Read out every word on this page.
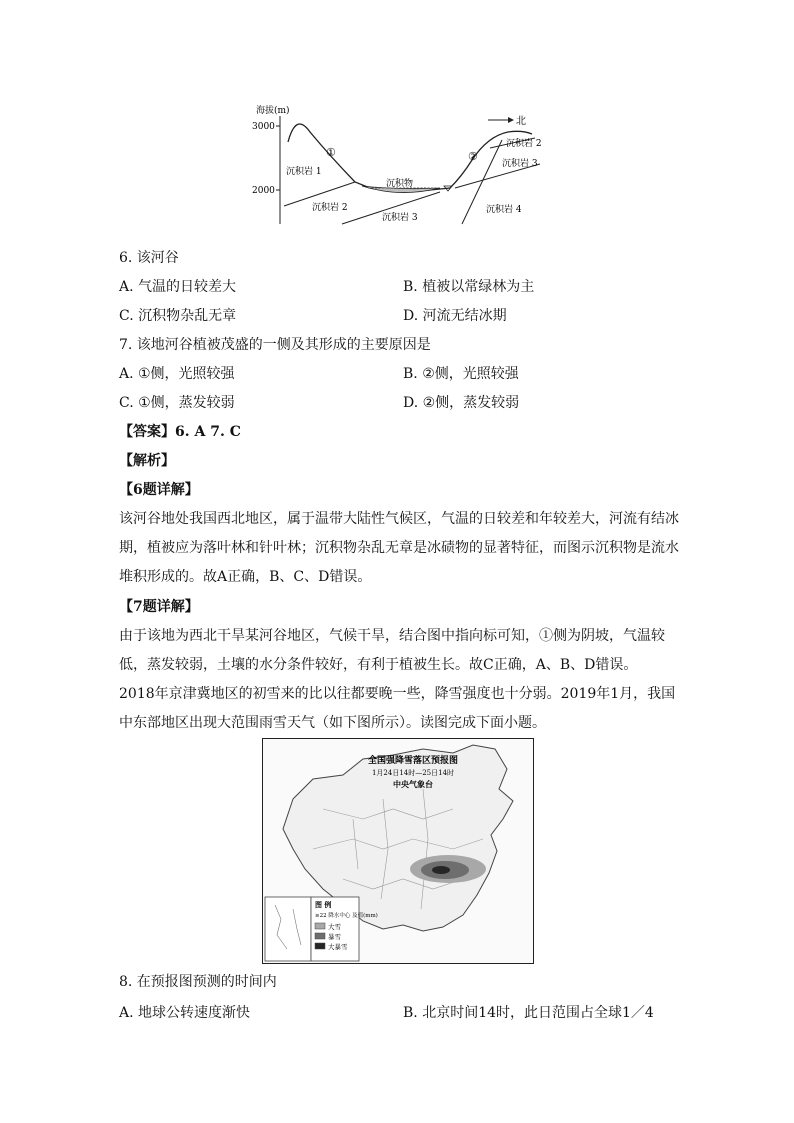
海拔(m)
3000
2000
北
①	②
沉积岩 1
沉积岩 2
沉积岩 3
沉积物
沉积岩 2
沉积岩 3
沉积岩 4
6. 该河谷
A. 气温的日较差大	B. 植被以常绿林为主
C. 沉积物杂乱无章	D. 河流无结冰期
7. 该地河谷植被茂盛的一侧及其形成的主要原因是
A. ①侧，光照较强	B. ②侧，光照较强
C. ①侧，蒸发较弱	D. ②侧，蒸发较弱
【答案】6. A 7. C
【解析】
【6题详解】
该河谷地处我国西北地区，属于温带大陆性气候区，气温的日较差和年较差大，河流有结冰期，植被应为落叶林和针叶林；沉积物杂乱无章是冰碛物的显著特征，而图示沉积物是流水堆积形成的。故A正确，B、C、D错误。
【7题详解】
由于该地为西北干旱某河谷地区，气候干旱，结合图中指向标可知，①侧为阴坡，气温较低，蒸发较弱，土壤的水分条件较好，有利于植被生长。故C正确，A、B、D错误。
2018年京津冀地区的初雪来的比以往都要晚一些，降雪强度也十分弱。2019年1月，我国中东部地区出现大范围雨雪天气（如下图所示）。读图完成下面小题。
全国强降雪落区预报图
1月24日14时—25日14时
中央气象台
图 例
≥22 降水中心 及值(mm)
大雪
暴雪
大暴雪
8. 在预报图预测的时间内
A. 地球公转速度渐快	B. 北京时间14时，此日范围占全球1／4
